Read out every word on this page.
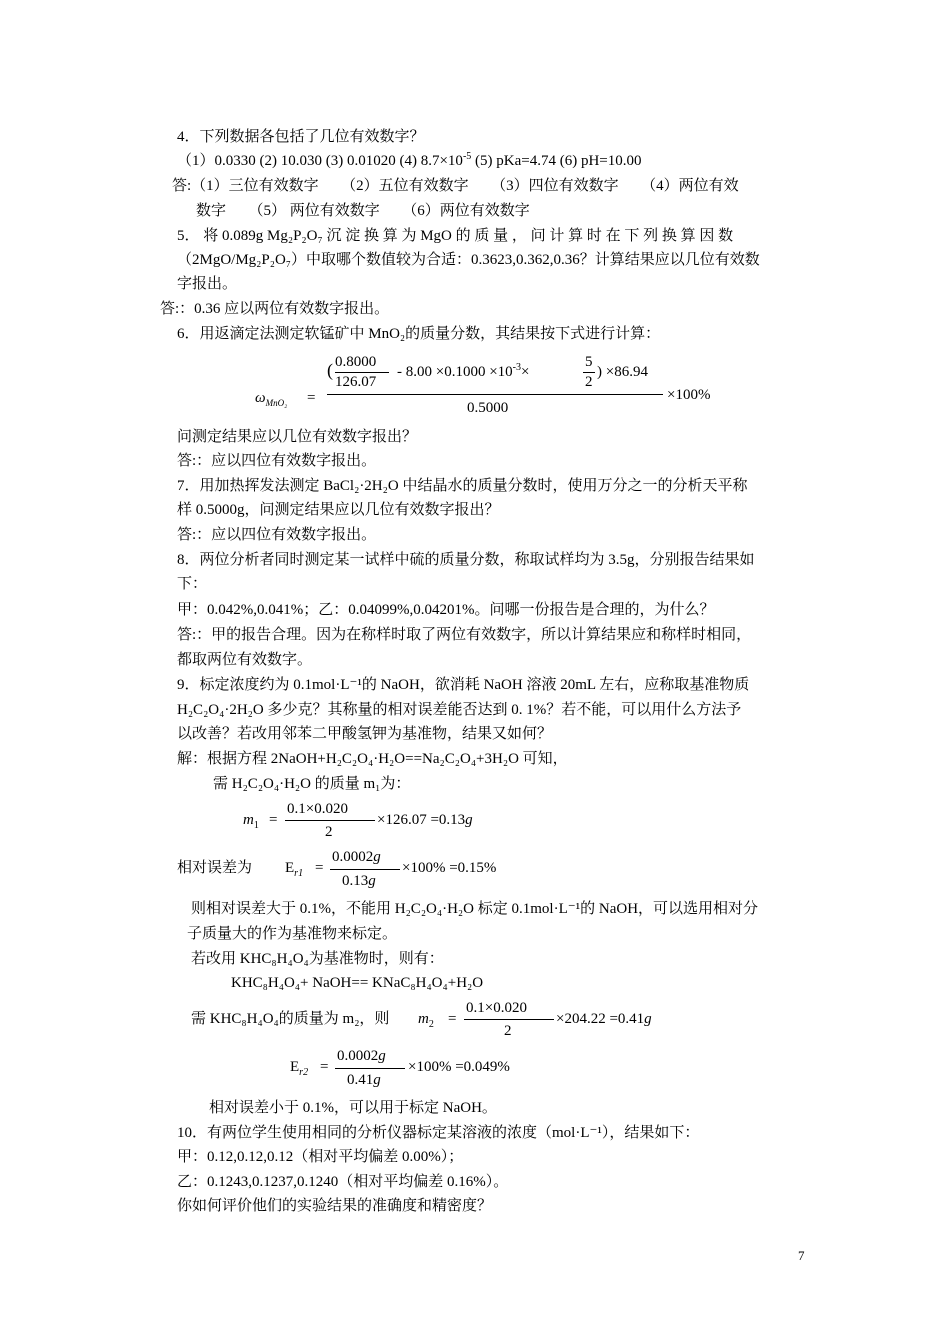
4．下列数据各包括了几位有效数字？
（1）0.0330 (2) 10.030 (3) 0.01020 (4) $8.7\times 10^{-5}$ (5) pKa=4.74 (6) pH=10.00
答:（1）三位有效数字　　（2）五位有效数字　　（3）四位有效数字　　（4）两位有效
数字　　（5） 两位有效数字　　（6）两位有效数字
5． 将 0.089g Mg₂P₂O₇ 沉 淀 换 算 为 MgO 的 质 量 ， 问 计 算 时 在 下 列 换 算 因 数
（2MgO/Mg₂P₂O₇）中取哪个数值较为合适：0.3623,0.362,0.36？计算结果应以几位有效数
字报出。
答:：0.36 应以两位有效数字报出。
6．用返滴定法测定软锰矿中 MnO₂的质量分数，其结果按下式进行计算：
$\omega_{MnO_2}$ =
( 0.8000
126.07
- $8.00 \times 0.1000 \times 10^{-3}\times$
5
2
) ×86.94
0.5000
×100%
问测定结果应以几位有效数字报出？
答:：应以四位有效数字报出。
7．用加热挥发法测定 BaCl₂·2H₂O 中结晶水的质量分数时，使用万分之一的分析天平称
样 0.5000g，问测定结果应以几位有效数字报出？
答:：应以四位有效数字报出。
8．两位分析者同时测定某一试样中硫的质量分数，称取试样均为 3.5g，分别报告结果如
下：
甲：0.042%,0.041%；乙：0.04099%,0.04201%。问哪一份报告是合理的，为什么？
答:：甲的报告合理。因为在称样时取了两位有效数字，所以计算结果应和称样时相同，
都取两位有效数字。
9．标定浓度约为 0.1mol·L⁻¹的 NaOH，欲消耗 NaOH 溶液 20mL 左右，应称取基准物质
H₂C₂O₄·2H₂O 多少克？其称量的相对误差能否达到 0. 1%？若不能，可以用什么方法予
以改善？若改用邻苯二甲酸氢钾为基准物，结果又如何？
解：根据方程 2NaOH+H₂C₂O₄·H₂O==Na₂C₂O₄+3H₂O 可知，
需 H₂C₂O₄·H₂O 的质量 m₁为：
$m_1$ =
0.1×0.020
2
×126.07 =0.13g
相对误差为 $E_{r1}$ =
0.0002g
0.13g
×100% =0.15%
则相对误差大于 0.1%，不能用 H₂C₂O₄·H₂O 标定 0.1mol·L⁻¹的 NaOH，可以选用相对分
子质量大的作为基准物来标定。
若改用 KHC₈H₄O₄为基准物时，则有：
KHC₈H₄O₄+ NaOH== KNaC₈H₄O₄+H₂O
需 KHC₈H₄O₄的质量为 m₂，则 $m_2$ =
0.1×0.020
2
×204.22 =0.41g
$E_{r2}$ =
0.0002g
0.41g
×100% =0.049%
相对误差小于 0.1%，可以用于标定 NaOH。
10．有两位学生使用相同的分析仪器标定某溶液的浓度（mol·L⁻¹），结果如下：
甲：0.12,0.12,0.12（相对平均偏差 0.00%）；
乙：0.1243,0.1237,0.1240（相对平均偏差 0.16%）。
你如何评价他们的实验结果的准确度和精密度？
7
